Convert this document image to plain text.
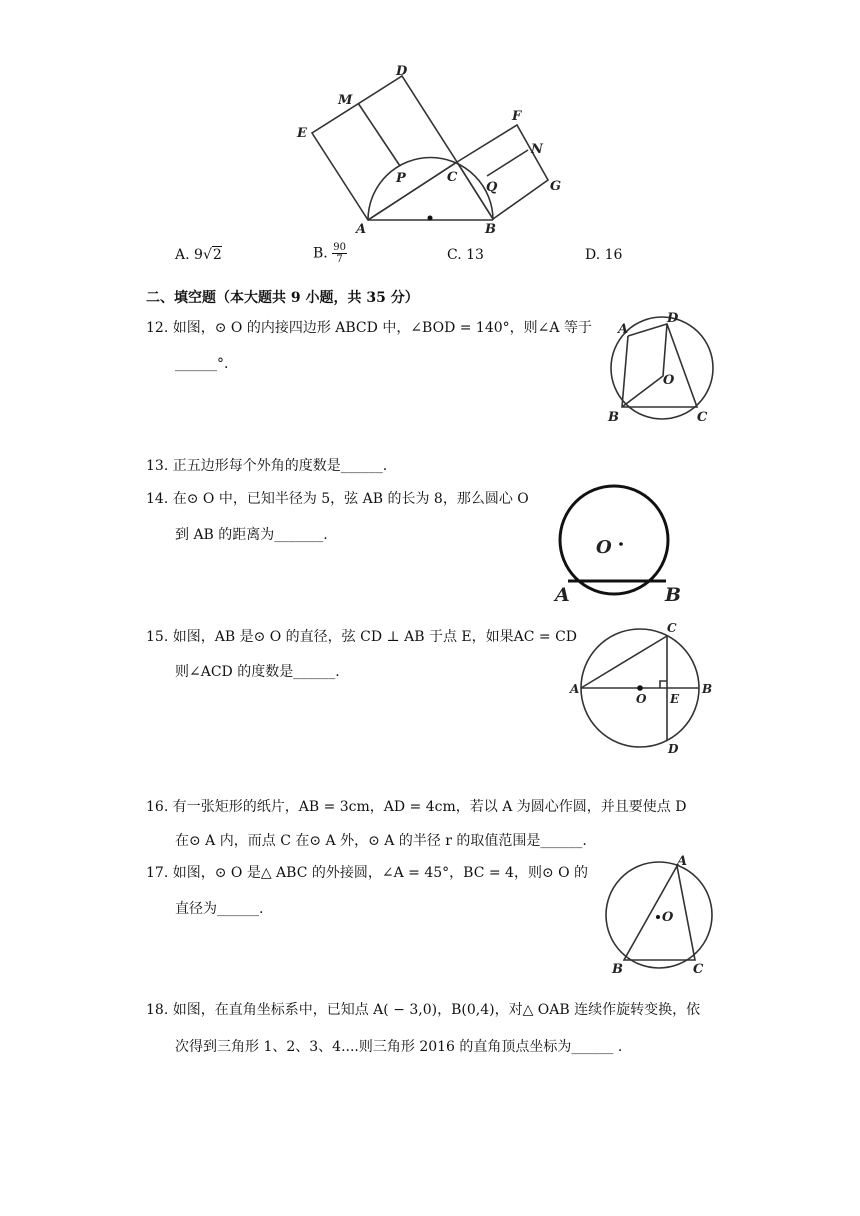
D
M
E
F
N
P	C
Q	G
A	B
A. 9√2	B. $\frac{90}{7}$	C. 13	D. 16
二、填空题（本大题共 9 小题，共 35 分）
12. 如图，⊙ O 的内接四边形 ABCD 中，∠BOD = 140°，则∠A 等于
______°.
A
D
O
B	C
13. 正五边形每个外角的度数是______.
14. 在⊙ O 中，已知半径为 5，弦 AB 的长为 8，那么圆心 O
到 AB 的距离为_______.
O
A	B
15. 如图，AB 是⊙ O 的直径，弦 CD ⊥ AB 于点 E，如果AC = CD
则∠ACD 的度数是______.
C
A
O E
B
D
16. 有一张矩形的纸片，AB = 3cm，AD = 4cm，若以 A 为圆心作圆，并且要使点 D
在⊙ A 内，而点 C 在⊙ A 外，⊙ A 的半径 r 的取值范围是______.
17. 如图，⊙ O 是△ ABC 的外接圆，∠A = 45°，BC = 4，则⊙ O 的
直径为______.
A
O
B	C
18. 如图，在直角坐标系中，已知点 A( − 3,0)，B(0,4)，对△ OAB 连续作旋转变换，依
次得到三角形 1、2、3、4....则三角形 2016 的直角顶点坐标为______ .
